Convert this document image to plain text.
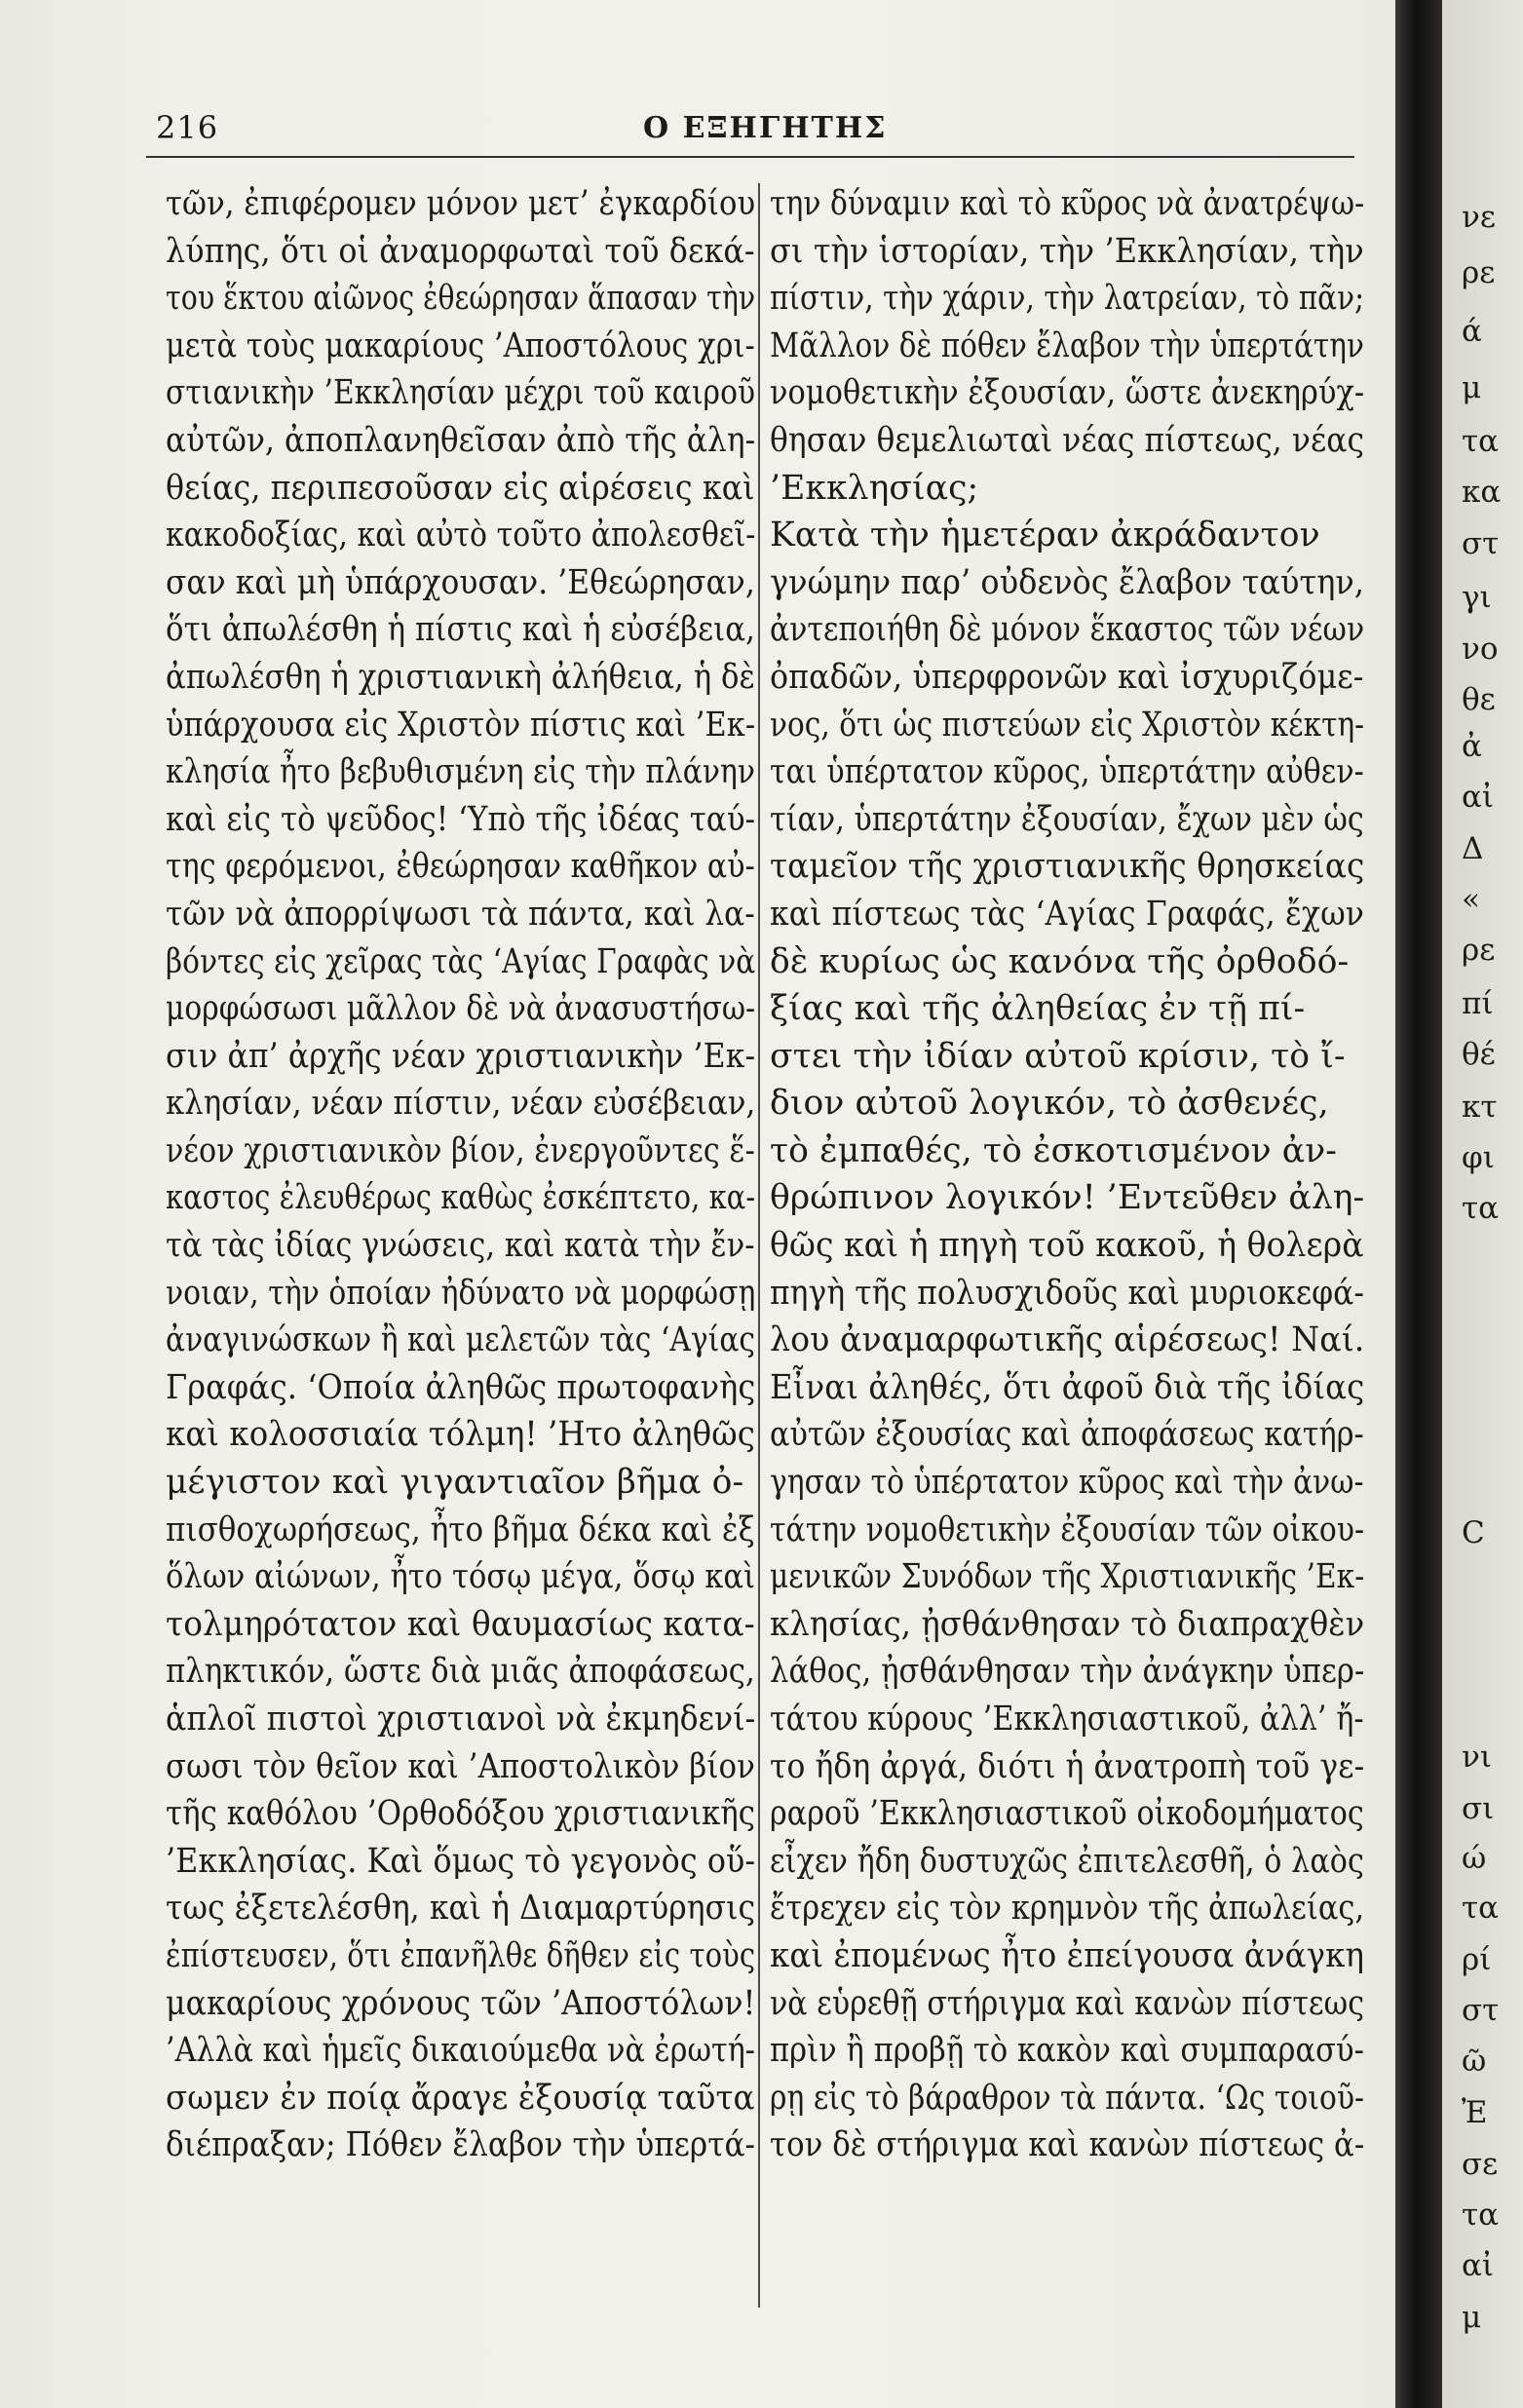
216	Ο ΕΞΗΓΗΤΗΣ
τῶν, ἐπιφέρομεν μόνον μετ’ ἐγκαρδίου
λύπης, ὅτι οἱ ἀναμορφωταὶ τοῦ δεκά-
του ἕκτου αἰῶνος ἐθεώρησαν ἅπασαν τὴν
μετὰ τοὺς μακαρίους ’Αποστόλους χρι-
στιανικὴν ’Εκκλησίαν μέχρι τοῦ καιροῦ
αὐτῶν, ἀποπλανηθεῖσαν ἀπὸ τῆς ἀλη-
θείας, περιπεσοῦσαν εἰς αἱρέσεις καὶ
κακοδοξίας, καὶ αὐτὸ τοῦτο ἀπολεσθεῖ-
σαν καὶ μὴ ὑπάρχουσαν. ’Εθεώρησαν,
ὅτι ἀπωλέσθη ἡ πίστις καὶ ἡ εὐσέβεια,
ἀπωλέσθη ἡ χριστιανικὴ ἀλήθεια, ἡ δὲ
ὑπάρχουσα εἰς Χριστὸν πίστις καὶ ’Εκ-
κλησία ἦτο βεβυθισμένη εἰς τὴν πλάνην
καὶ εἰς τὸ ψεῦδος! ‘Υπὸ τῆς ἰδέας ταύ-
της φερόμενοι, ἐθεώρησαν καθῆκον αὐ-
τῶν νὰ ἀπορρίψωσι τὰ πάντα, καὶ λα-
βόντες εἰς χεῖρας τὰς ‘Αγίας Γραφὰς νὰ
μορφώσωσι μᾶλλον δὲ νὰ ἀνασυστήσω-
σιν ἀπ’ ἀρχῆς νέαν χριστιανικὴν ’Εκ-
κλησίαν, νέαν πίστιν, νέαν εὐσέβειαν,
νέον χριστιανικὸν βίον, ἐνεργοῦντες ἕ-
καστος ἐλευθέρως καθὼς ἐσκέπτετο, κα-
τὰ τὰς ἰδίας γνώσεις, καὶ κατὰ τὴν ἔν-
νοιαν, τὴν ὁποίαν ἠδύνατο νὰ μορφώσῃ
ἀναγινώσκων ἢ καὶ μελετῶν τὰς ‘Αγίας
Γραφάς. ‘Οποία ἀληθῶς πρωτοφανὴς
καὶ κολοσσιαία τόλμη! ’Ητο ἀληθῶς
μέγιστον καὶ γιγαντιαῖον βῆμα ὀ-
πισθοχωρήσεως, ἦτο βῆμα δέκα καὶ ἐξ
ὅλων αἰώνων, ἦτο τόσῳ μέγα, ὅσῳ καὶ
τολμηρότατον καὶ θαυμασίως κατα-
πληκτικόν, ὥστε διὰ μιᾶς ἀποφάσεως,
ἁπλοῖ πιστοὶ χριστιανοὶ νὰ ἐκμηδενί-
σωσι τὸν θεῖον καὶ ’Αποστολικὸν βίον
τῆς καθόλου ’Ορθοδόξου χριστιανικῆς
’Εκκλησίας. Καὶ ὅμως τὸ γεγονὸς οὕ-
τως ἐξετελέσθη, καὶ ἡ Διαμαρτύρησις
ἐπίστευσεν, ὅτι ἐπανῆλθε δῆθεν εἰς τοὺς
μακαρίους χρόνους τῶν ’Αποστόλων!
’Αλλὰ καὶ ἡμεῖς δικαιούμεθα νὰ ἐρωτή-
σωμεν ἐν ποίᾳ ἄραγε ἐξουσίᾳ ταῦτα
διέπραξαν; Πόθεν ἔλαβον τὴν ὑπερτά-
την δύναμιν καὶ τὸ κῦρος νὰ ἀνατρέψω-
σι τὴν ἱστορίαν, τὴν ’Εκκλησίαν, τὴν
πίστιν, τὴν χάριν, τὴν λατρείαν, τὸ πᾶν;
Μᾶλλον δὲ πόθεν ἔλαβον τὴν ὑπερτάτην
νομοθετικὴν ἐξουσίαν, ὥστε ἀνεκηρύχ-
θησαν θεμελιωταὶ νέας πίστεως, νέας
’Εκκλησίας;
Κατὰ τὴν ἡμετέραν ἀκράδαντον
γνώμην παρ’ οὐδενὸς ἔλαβον ταύτην,
ἀντεποιήθη δὲ μόνον ἕκαστος τῶν νέων
ὀπαδῶν, ὑπερφρονῶν καὶ ἰσχυριζόμε-
νος, ὅτι ὡς πιστεύων εἰς Χριστὸν κέκτη-
ται ὑπέρτατον κῦρος, ὑπερτάτην αὐθεν-
τίαν, ὑπερτάτην ἐξουσίαν, ἔχων μὲν ὡς
ταμεῖον τῆς χριστιανικῆς θρησκείας
καὶ πίστεως τὰς ‘Αγίας Γραφάς, ἔχων
δὲ κυρίως ὡς κανόνα τῆς ὀρθοδό-
ξίας καὶ τῆς ἀληθείας ἐν τῇ πί-
στει τὴν ἰδίαν αὐτοῦ κρίσιν, τὸ ἴ-
διον αὐτοῦ λογικόν, τὸ ἀσθενές,
τὸ ἐμπαθές, τὸ ἐσκοτισμένον ἀν-
θρώπινον λογικόν! ’Εντεῦθεν ἀλη-
θῶς καὶ ἡ πηγὴ τοῦ κακοῦ, ἡ θολερὰ
πηγὴ τῆς πολυσχιδοῦς καὶ μυριοκεφά-
λου ἀναμαρφωτικῆς αἱρέσεως! Ναί.
Εἶναι ἀληθές, ὅτι ἀφοῦ διὰ τῆς ἰδίας
αὐτῶν ἐξουσίας καὶ ἀποφάσεως κατήρ-
γησαν τὸ ὑπέρτατον κῦρος καὶ τὴν ἀνω-
τάτην νομοθετικὴν ἐξουσίαν τῶν οἰκου-
μενικῶν Συνόδων τῆς Χριστιανικῆς ’Εκ-
κλησίας, ᾐσθάνθησαν τὸ διαπραχθὲν
λάθος, ᾐσθάνθησαν τὴν ἀνάγκην ὑπερ-
τάτου κύρους ’Εκκλησιαστικοῦ, ἀλλ’ ἤ-
το ἤδη ἀργά, διότι ἡ ἀνατροπὴ τοῦ γε-
ραροῦ ’Εκκλησιαστικοῦ οἰκοδομήματος
εἶχεν ἤδη δυστυχῶς ἐπιτελεσθῆ, ὁ λαὸς
ἔτρεχεν εἰς τὸν κρημνὸν τῆς ἀπωλείας,
καὶ ἐπομένως ἦτο ἐπείγουσα ἀνάγκη
νὰ εὑρεθῇ στήριγμα καὶ κανὼν πίστεως
πρὶν ἢ προβῇ τὸ κακὸν καὶ συμπαρασύ-
ρῃ εἰς τὸ βάραθρον τὰ πάντα. ‘Ως τοιοῦ-
τον δὲ στήριγμα καὶ κανὼν πίστεως ἀ-
νε
ρε
ά
μ
τα
κα
στ
γι
νο
θε
ἀ
αἰ
Δ
«
ρε
πί
θέ
κτ
φι
τα
C
νι
σι
ώ
τα
ρί
στ
ῶ
Ἐ
σε
τα
αἰ
μ
